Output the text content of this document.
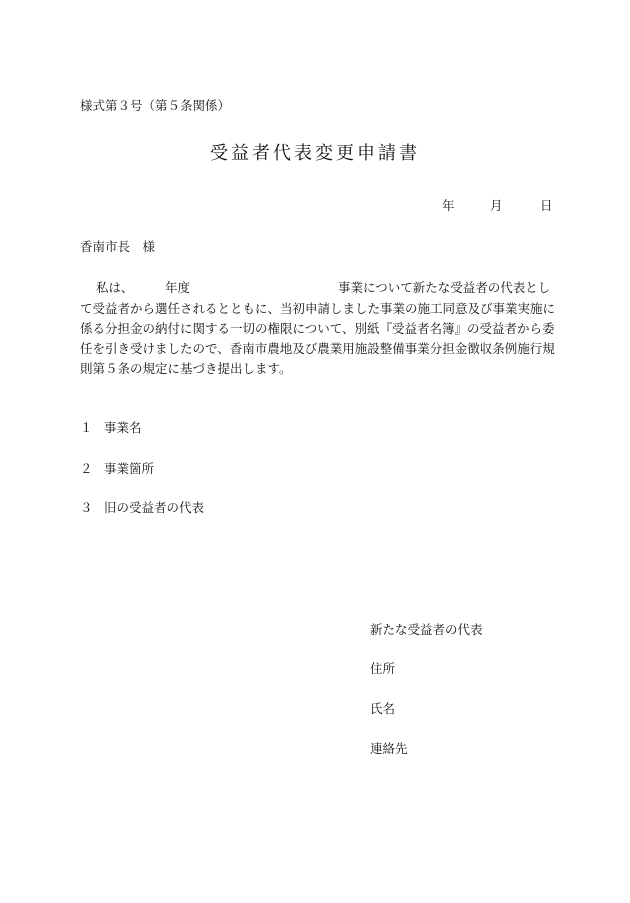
様式第３号（第５条関係）
受益者代表変更申請書
年	月	日
香南市長　様
私は、	年度	事業について新たな受益者の代表とし
て受益者から選任されるとともに、当初申請しました事業の施工同意及び事業実施に
係る分担金の納付に関する一切の権限について、別紙『受益者名簿』の受益者から委
任を引き受けましたので、香南市農地及び農業用施設整備事業分担金徴収条例施行規
則第５条の規定に基づき提出します。
１ 事業名
２ 事業箇所
３ 旧の受益者の代表
新たな受益者の代表
住所
氏名
連絡先
